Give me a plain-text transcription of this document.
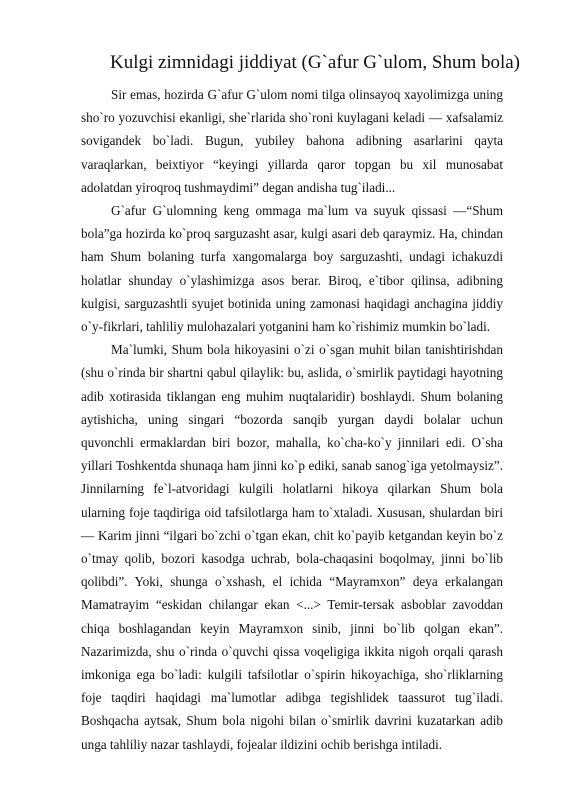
Kulgi zimnidagi jiddiyat (G`afur G`ulom, Shum bola)

Sir emas, hozirda G`afur G`ulom nomi tilga olinsayoq xayolimizga uning sho`ro yozuvchisi ekanligi, she`rlarida sho`roni kuylagani keladi — xafsalamiz sovigandek bo`ladi. Bugun, yubiley bahona adibning asarlarini qayta varaqlarkan, beixtiyor “keyingi yillarda qaror topgan bu xil munosabat adolatdan yiroqroq tushmaydimi” degan andisha tug`iladi...

G`afur G`ulomning keng ommaga ma`lum va suyuk qissasi —“Shum bola”ga hozirda ko`proq sarguzasht asar, kulgi asari deb qaraymiz. Ha, chindan ham Shum bolaning turfa xangomalarga boy sarguzashti, undagi ichakuzdi holatlar shunday o`ylashimizga asos berar. Biroq, e`tibor qilinsa, adibning kulgisi, sarguzashtli syujet botinida uning zamonasi haqidagi anchagina jiddiy o`y-fikrlari, tahliliy mulohazalari yotganini ham ko`rishimiz mumkin bo`ladi.

Ma`lumki, Shum bola hikoyasini o`zi o`sgan muhit bilan tanishtirishdan (shu o`rinda bir shartni qabul qilaylik: bu, aslida, o`smirlik paytidagi hayotning adib xotirasida tiklangan eng muhim nuqtalaridir) boshlaydi. Shum bolaning aytishicha, uning singari “bozorda sanqib yurgan daydi bolalar uchun quvonchli ermaklardan biri bozor, mahalla, ko`cha-ko`y jinnilari edi. O`sha yillari Toshkentda shunaqa ham jinni ko`p ediki, sanab sanog`iga yetolmaysiz”. Jinnilarning fe`l-atvoridagi kulgili holatlarni hikoya qilarkan Shum bola ularning foje taqdiriga oid tafsilotlarga ham to`xtaladi. Xususan, shulardan biri — Karim jinni “ilgari bo`zchi o`tgan ekan, chit ko`payib ketgandan keyin bo`z o`tmay qolib, bozori kasodga uchrab, bola-chaqasini boqolmay, jinni bo`lib qolibdi”. Yoki, shunga o`xshash, el ichida “Mayramxon” deya erkalangan Mamatrayim “eskidan chilangar ekan <...> Temir-tersak asboblar zavoddan chiqa boshlagandan keyin Mayramxon sinib, jinni bo`lib qolgan ekan”. Nazarimizda, shu o`rinda o`quvchi qissa voqeligiga ikkita nigoh orqali qarash imkoniga ega bo`ladi: kulgili tafsilotlar o`spirin hikoyachiga, sho`rliklarning foje taqdiri haqidagi ma`lumotlar adibga tegishlidek taassurot tug`iladi. Boshqacha aytsak, Shum bola nigohi bilan o`smirlik davrini kuzatarkan adib unga tahliliy nazar tashlaydi, fojealar ildizini ochib berishga intiladi.
